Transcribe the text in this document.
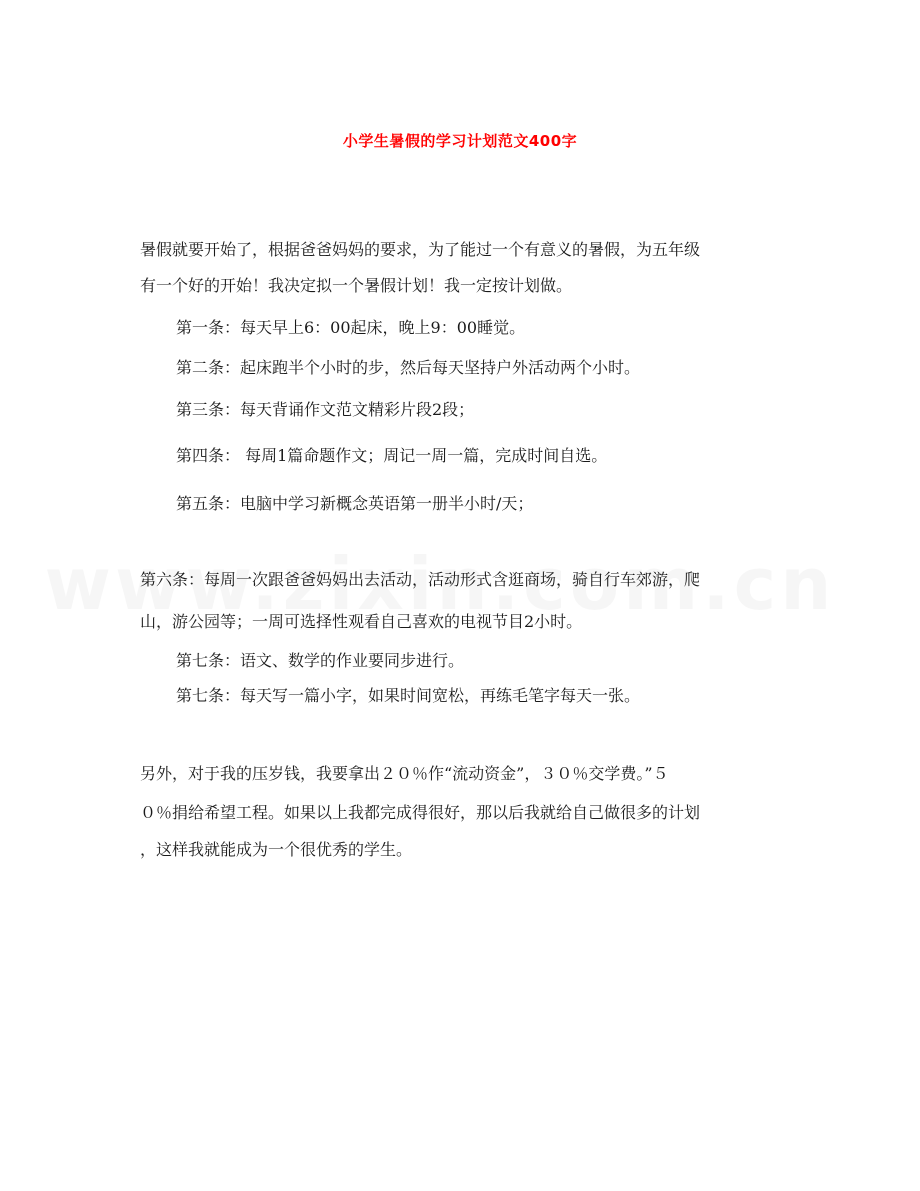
小学生暑假的学习计划范文400字
暑假就要开始了，根据爸爸妈妈的要求，为了能过一个有意义的暑假，为五年级
有一个好的开始！我决定拟一个暑假计划！我一定按计划做。
第一条：每天早上6：00起床，晚上9：00睡觉。
第二条：起床跑半个小时的步，然后每天坚持户外活动两个小时。
第三条：每天背诵作文范文精彩片段2段；
第四条： 每周1篇命题作文；周记一周一篇，完成时间自选。
第五条：电脑中学习新概念英语第一册半小时/天；
第六条：每周一次跟爸爸妈妈出去活动，活动形式含逛商场，骑自行车郊游，爬
山，游公园等；一周可选择性观看自己喜欢的电视节目2小时。
第七条：语文、数学的作业要同步进行。
第七条：每天写一篇小字，如果时间宽松，再练毛笔字每天一张。
另外，对于我的压岁钱，我要拿出２０％作“流动资金”，３０％交学费。”５
０％捐给希望工程。如果以上我都完成得很好，那以后我就给自己做很多的计划
，这样我就能成为一个很优秀的学生。
